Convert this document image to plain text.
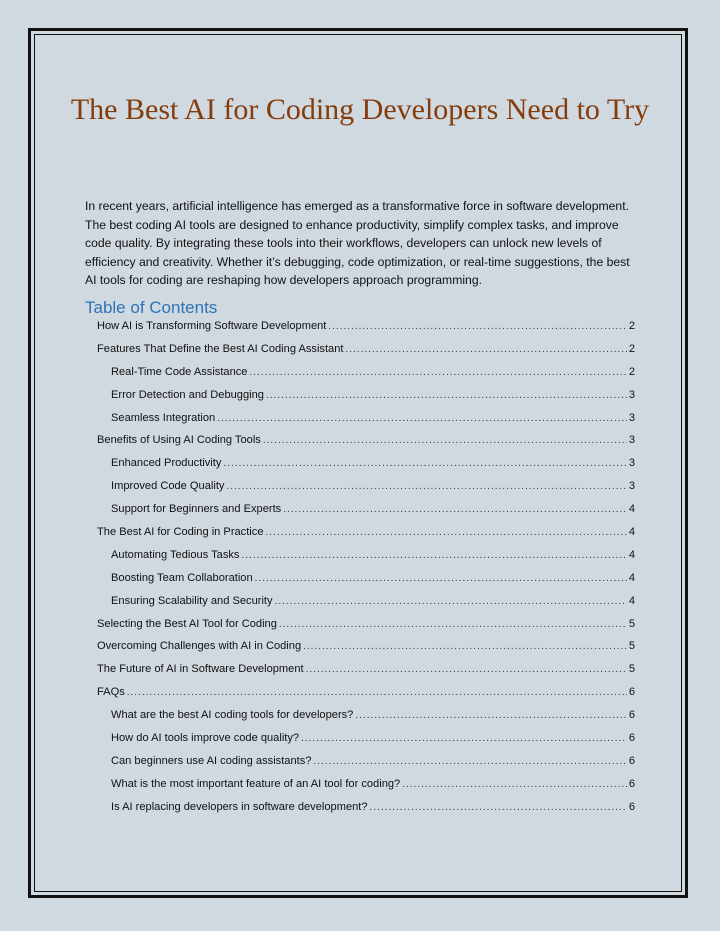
The Best AI for Coding Developers Need to Try

In recent years, artificial intelligence has emerged as a transformative force in software development. The best coding AI tools are designed to enhance productivity, simplify complex tasks, and improve code quality. By integrating these tools into their workflows, developers can unlock new levels of efficiency and creativity. Whether it’s debugging, code optimization, or real-time suggestions, the best AI tools for coding are reshaping how developers approach programming.

Table of Contents
How AI is Transforming Software Development .....	2
Features That Define the Best AI Coding Assistant .....	2
Real-Time Code Assistance .....	2
Error Detection and Debugging .....	3
Seamless Integration .....	3
Benefits of Using AI Coding Tools .....	3
Enhanced Productivity .....	3
Improved Code Quality .....	3
Support for Beginners and Experts .....	4
The Best AI for Coding in Practice .....	4
Automating Tedious Tasks .....	4
Boosting Team Collaboration .....	4
Ensuring Scalability and Security .....	4
Selecting the Best AI Tool for Coding .....	5
Overcoming Challenges with AI in Coding .....	5
The Future of AI in Software Development .....	5
FAQs .....	6
What are the best AI coding tools for developers? .....	6
How do AI tools improve code quality? .....	6
Can beginners use AI coding assistants? .....	6
What is the most important feature of an AI tool for coding? .....	6
Is AI replacing developers in software development? .....	6
